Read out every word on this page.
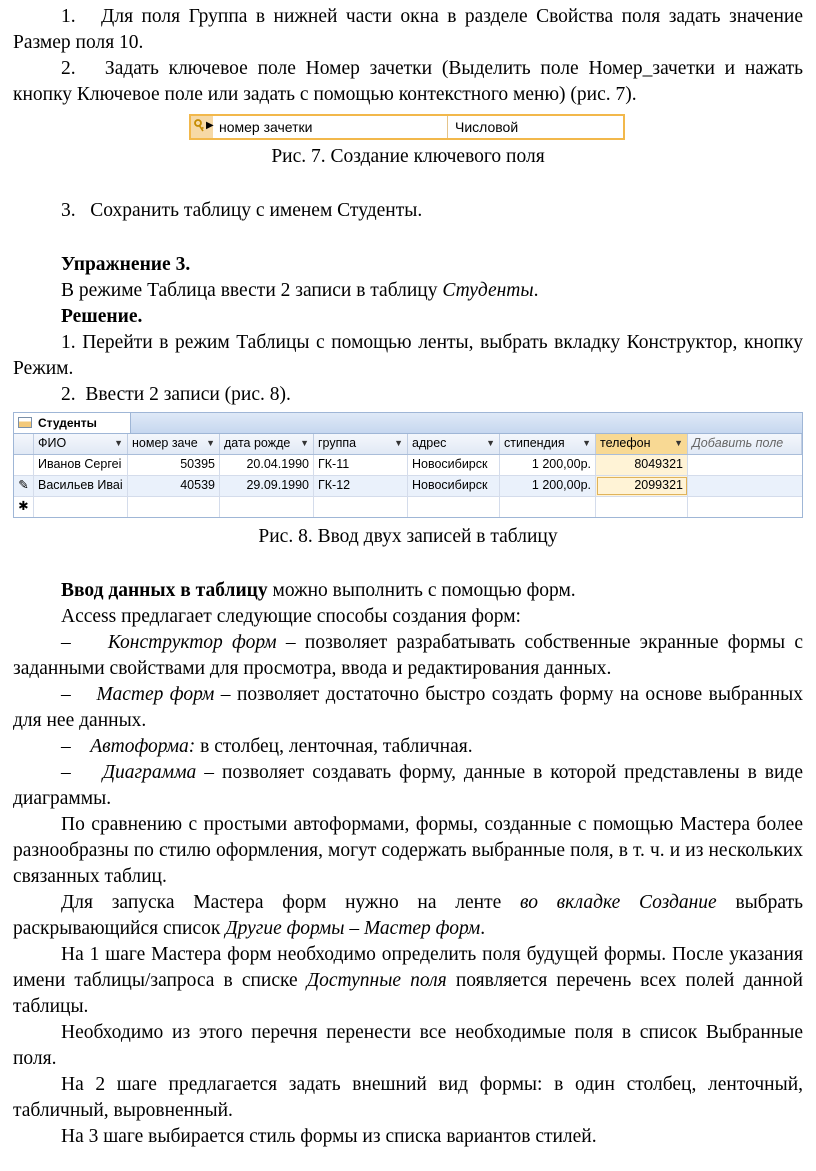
1. Для поля Группа в нижней части окна в разделе Свойства поля задать значение Размер поля 10.

2. Задать ключевое поле Номер зачетки (Выделить поле Номер_зачетки и нажать кнопку Ключевое поле или задать с помощью контекстного меню) (рис. 7).

▶ номер зачетки	Числовой

Рис. 7. Создание ключевого поля

3. Сохранить таблицу с именем Студенты.

Упражнение 3.

В режиме Таблица ввести 2 записи в таблицу Студенты.

Решение.

1. Перейти в режим Таблицы с помощью ленты, выбрать вкладку Конструктор, кнопку Режим.

2. Ввести 2 записи (рис. 8).

Студенты
ФИО	▼ номер заче ▼ дата рожде ▼ группа	▼ адрес	▼ стипендия ▼ телефон	▼ Добавить поле
Иванов Сергеі	50395	20.04.1990 ГК-11	Новосибирск	1 200,00р.	8049321
✎ Васильев Иваі	40539	29.09.1990 ГК-12	Новосибирск	1 200,00р.	2099321
✱

Рис. 8. Ввод двух записей в таблицу

Ввод данных в таблицу можно выполнить с помощью форм.

Access предлагает следующие способы создания форм:

– Конструктор форм – позволяет разрабатывать собственные экранные формы с заданными свойствами для просмотра, ввода и редактирования данных.

– Мастер форм – позволяет достаточно быстро создать форму на основе выбранных для нее данных.

– Автоформа: в столбец, ленточная, табличная.

– Диаграмма – позволяет создавать форму, данные в которой представлены в виде диаграммы.

По сравнению с простыми автоформами, формы, созданные с помощью Мастера более разнообразны по стилю оформления, могут содержать выбранные поля, в т. ч. и из нескольких связанных таблиц.

Для запуска Мастера форм нужно на ленте во вкладке Создание выбрать раскрывающийся список Другие формы – Мастер форм.

На 1 шаге Мастера форм необходимо определить поля будущей формы. После указания имени таблицы/запроса в списке Доступные поля появляется перечень всех полей данной таблицы.

Необходимо из этого перечня перенести все необходимые поля в список Выбранные поля.

На 2 шаге предлагается задать внешний вид формы: в один столбец, ленточный, табличный, выровненный.

На 3 шаге выбирается стиль формы из списка вариантов стилей.
